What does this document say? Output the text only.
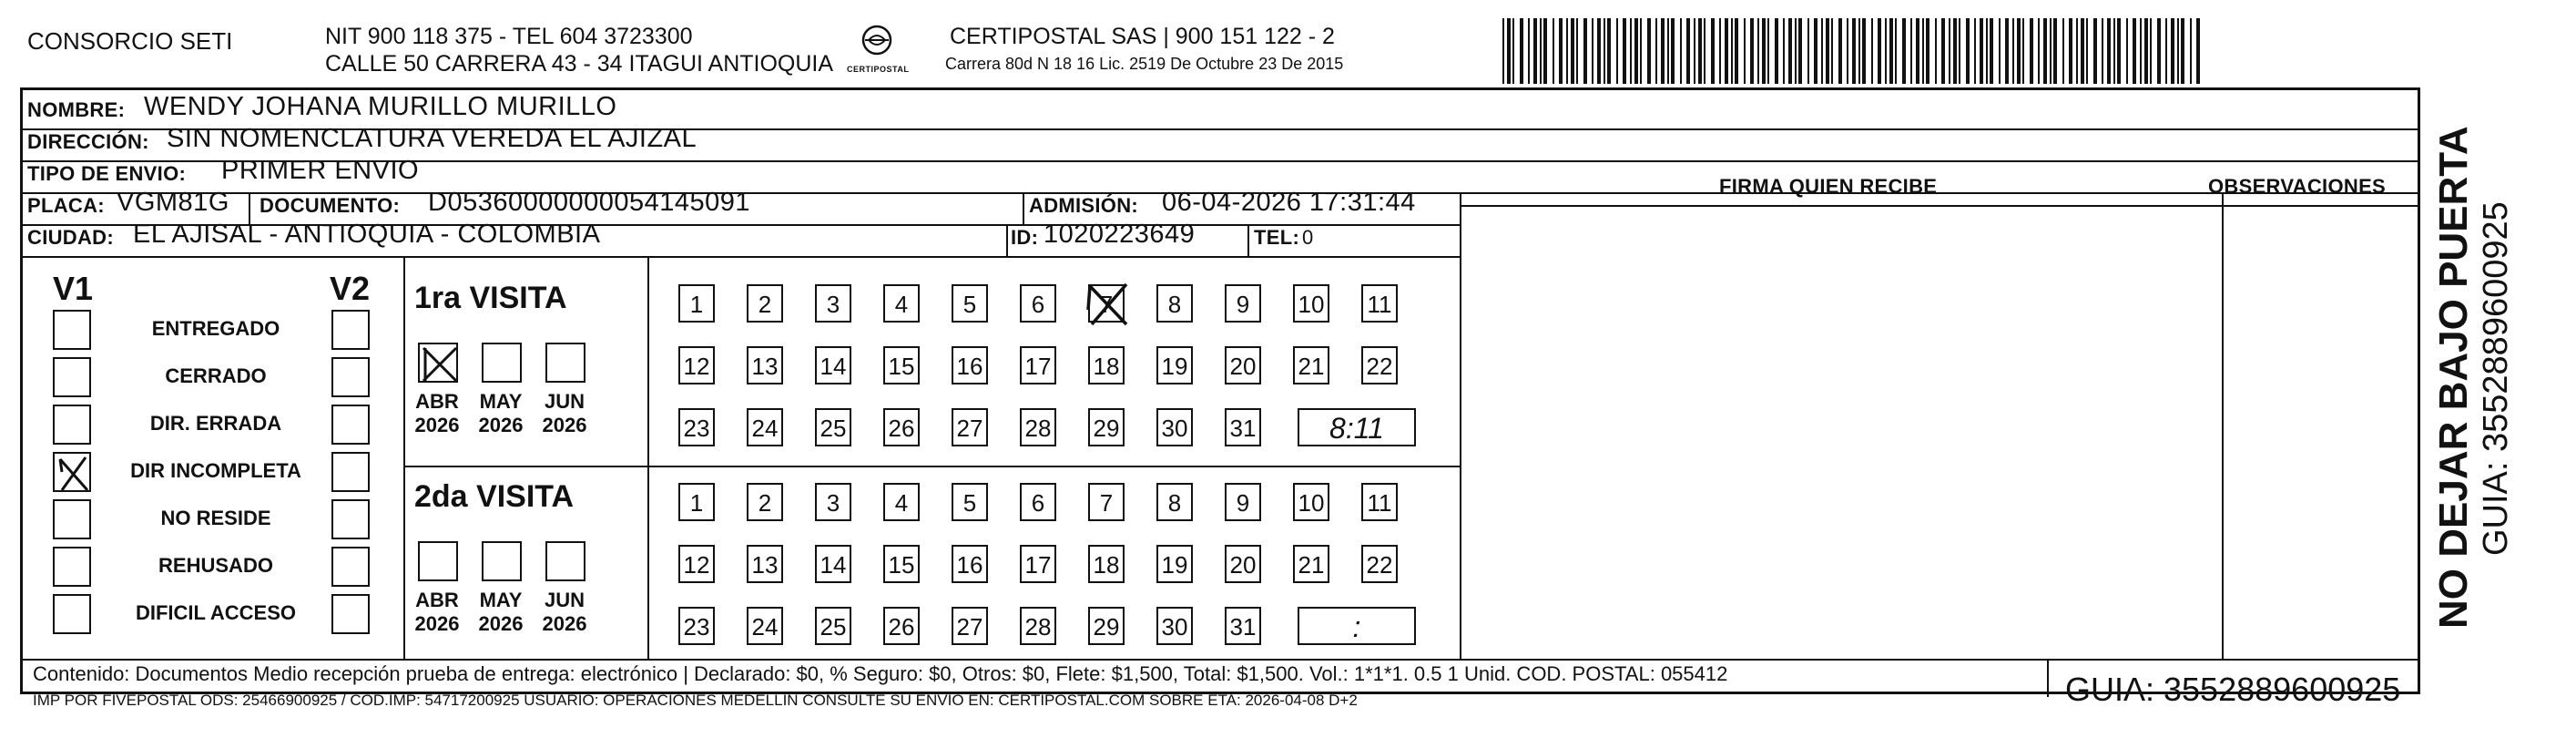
CONSORCIO SETI	NIT 900 118 375 - TEL 604 3723300
CALLE 50 CARRERA 43 - 34 ITAGUI ANTIOQUIA CERTIPOSTAL
CERTIPOSTAL SAS | 900 151 122 - 2
Carrera 80d N 18 16 Lic. 2519 De Octubre 23 De 2015
NOMBRE: WENDY JOHANA MURILLO MURILLO
DIRECCIÓN: SIN NOMENCLATURA VEREDA EL AJIZAL
TIPO DE ENVIO: PRIMER ENVIO
FIRMA QUIEN RECIBE	OBSERVACIONES
PLACA: VGM81G DOCUMENTO: D05360000000054145091	ADMISIÓN: 06-04-2026 17:31:44
CIUDAD: EL AJISAL - ANTIOQUIA - COLOMBIA	ID: 1020223649	TEL: 0
V1	V2
ENTREGADO
CERRADO
DIR. ERRADA
DIR INCOMPLETA
NO RESIDE
REHUSADO
DIFICIL ACCESO
1ra VISITA
ABR
2026
MAY
2026
JUN
2026
1	2	3	4	5	6	7	8	9	10 11
12 13 14 15 16 17 18 19 20 21 22
23 24 25 26 27 28 29 30 31	8:11
2da VISITA
ABR
2026
MAY
2026
JUN
2026
1	2	3	4	5	6	7	8	9	10 11
12 13 14 15 16 17 18 19 20 21 22
23 24 25 26 27 28 29 30 31	:
Contenido: Documentos Medio recepción prueba de entrega: electrónico | Declarado: $0, % Seguro: $0, Otros: $0, Flete: $1,500, Total: $1,500. Vol.: 1*1*1. 0.5 1 Unid. COD. POSTAL: 055412
IMP POR FIVEPOSTAL ODS: 25466900925 / COD.IMP: 54717200925 USUARIO: OPERACIONES MEDELLÍN CONSULTE SU ENVIO EN: CERTIPOSTAL.COM SOBRE ETA: 2026-04-08 D+2	GUIA: 3552889600925
NO DEJAR BAJO PUERTA GUIA: 3552889600925
